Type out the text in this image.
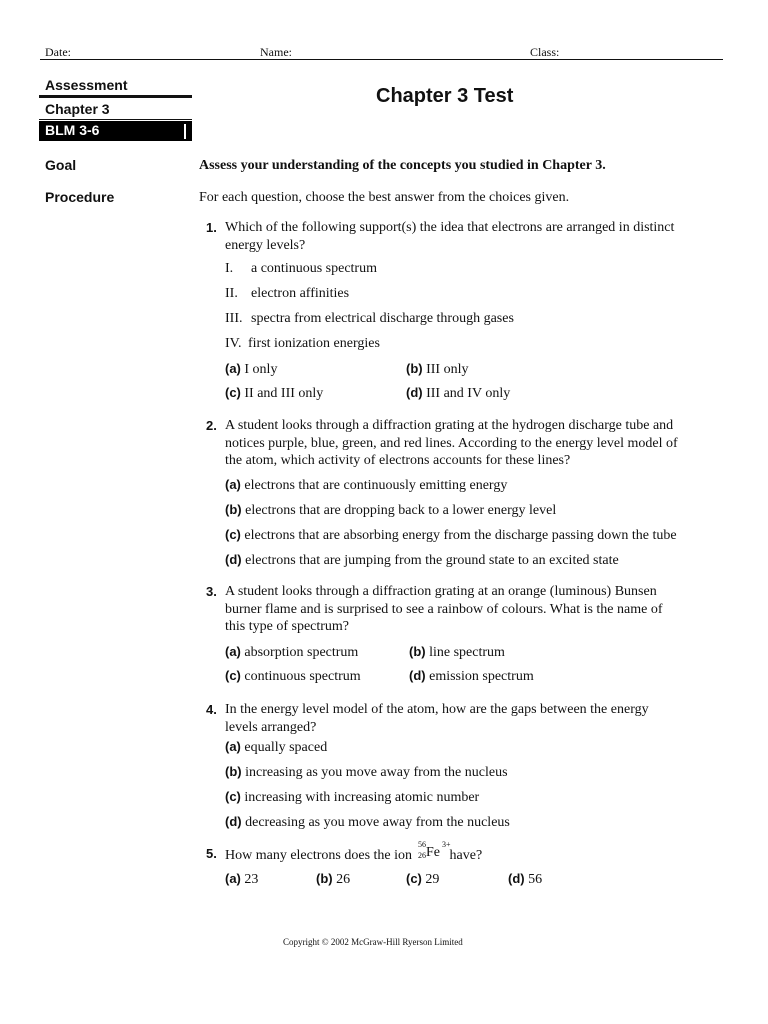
Date:	Name:	Class:
Assessment
Chapter 3
BLM 3-6
Chapter 3 Test
Goal	Assess your understanding of the concepts you studied in Chapter 3.
Procedure	For each question, choose the best answer from the choices given.
1. Which of the following support(s) the idea that electrons are arranged in distinct
energy levels?
I. a continuous spectrum
II. electron affinities
III. spectra from electrical discharge through gases
IV. first ionization energies
(a) I only	(b) III only
(c) II and III only	(d) III and IV only
2. A student looks through a diffraction grating at the hydrogen discharge tube and
notices purple, blue, green, and red lines. According to the energy level model of
the atom, which activity of electrons accounts for these lines?
(a) electrons that are continuously emitting energy
(b) electrons that are dropping back to a lower energy level
(c) electrons that are absorbing energy from the discharge passing down the tube
(d) electrons that are jumping from the ground state to an excited state
3. A student looks through a diffraction grating at an orange (luminous) Bunsen
burner flame and is surprised to see a rainbow of colours. What is the name of
this type of spectrum?
(a) absorption spectrum	(b) line spectrum
(c) continuous spectrum	(d) emission spectrum
4. In the energy level model of the atom, how are the gaps between the energy
levels arranged?
(a) equally spaced
(b) increasing as you move away from the nucleus
(c) increasing with increasing atomic number
(d) decreasing as you move away from the nucleus
5. How many electrons does the ion
56
26 Fe
3+
have?
(a) 23	(b) 26	(c) 29	(d) 56
Copyright © 2002 McGraw-Hill Ryerson Limited
